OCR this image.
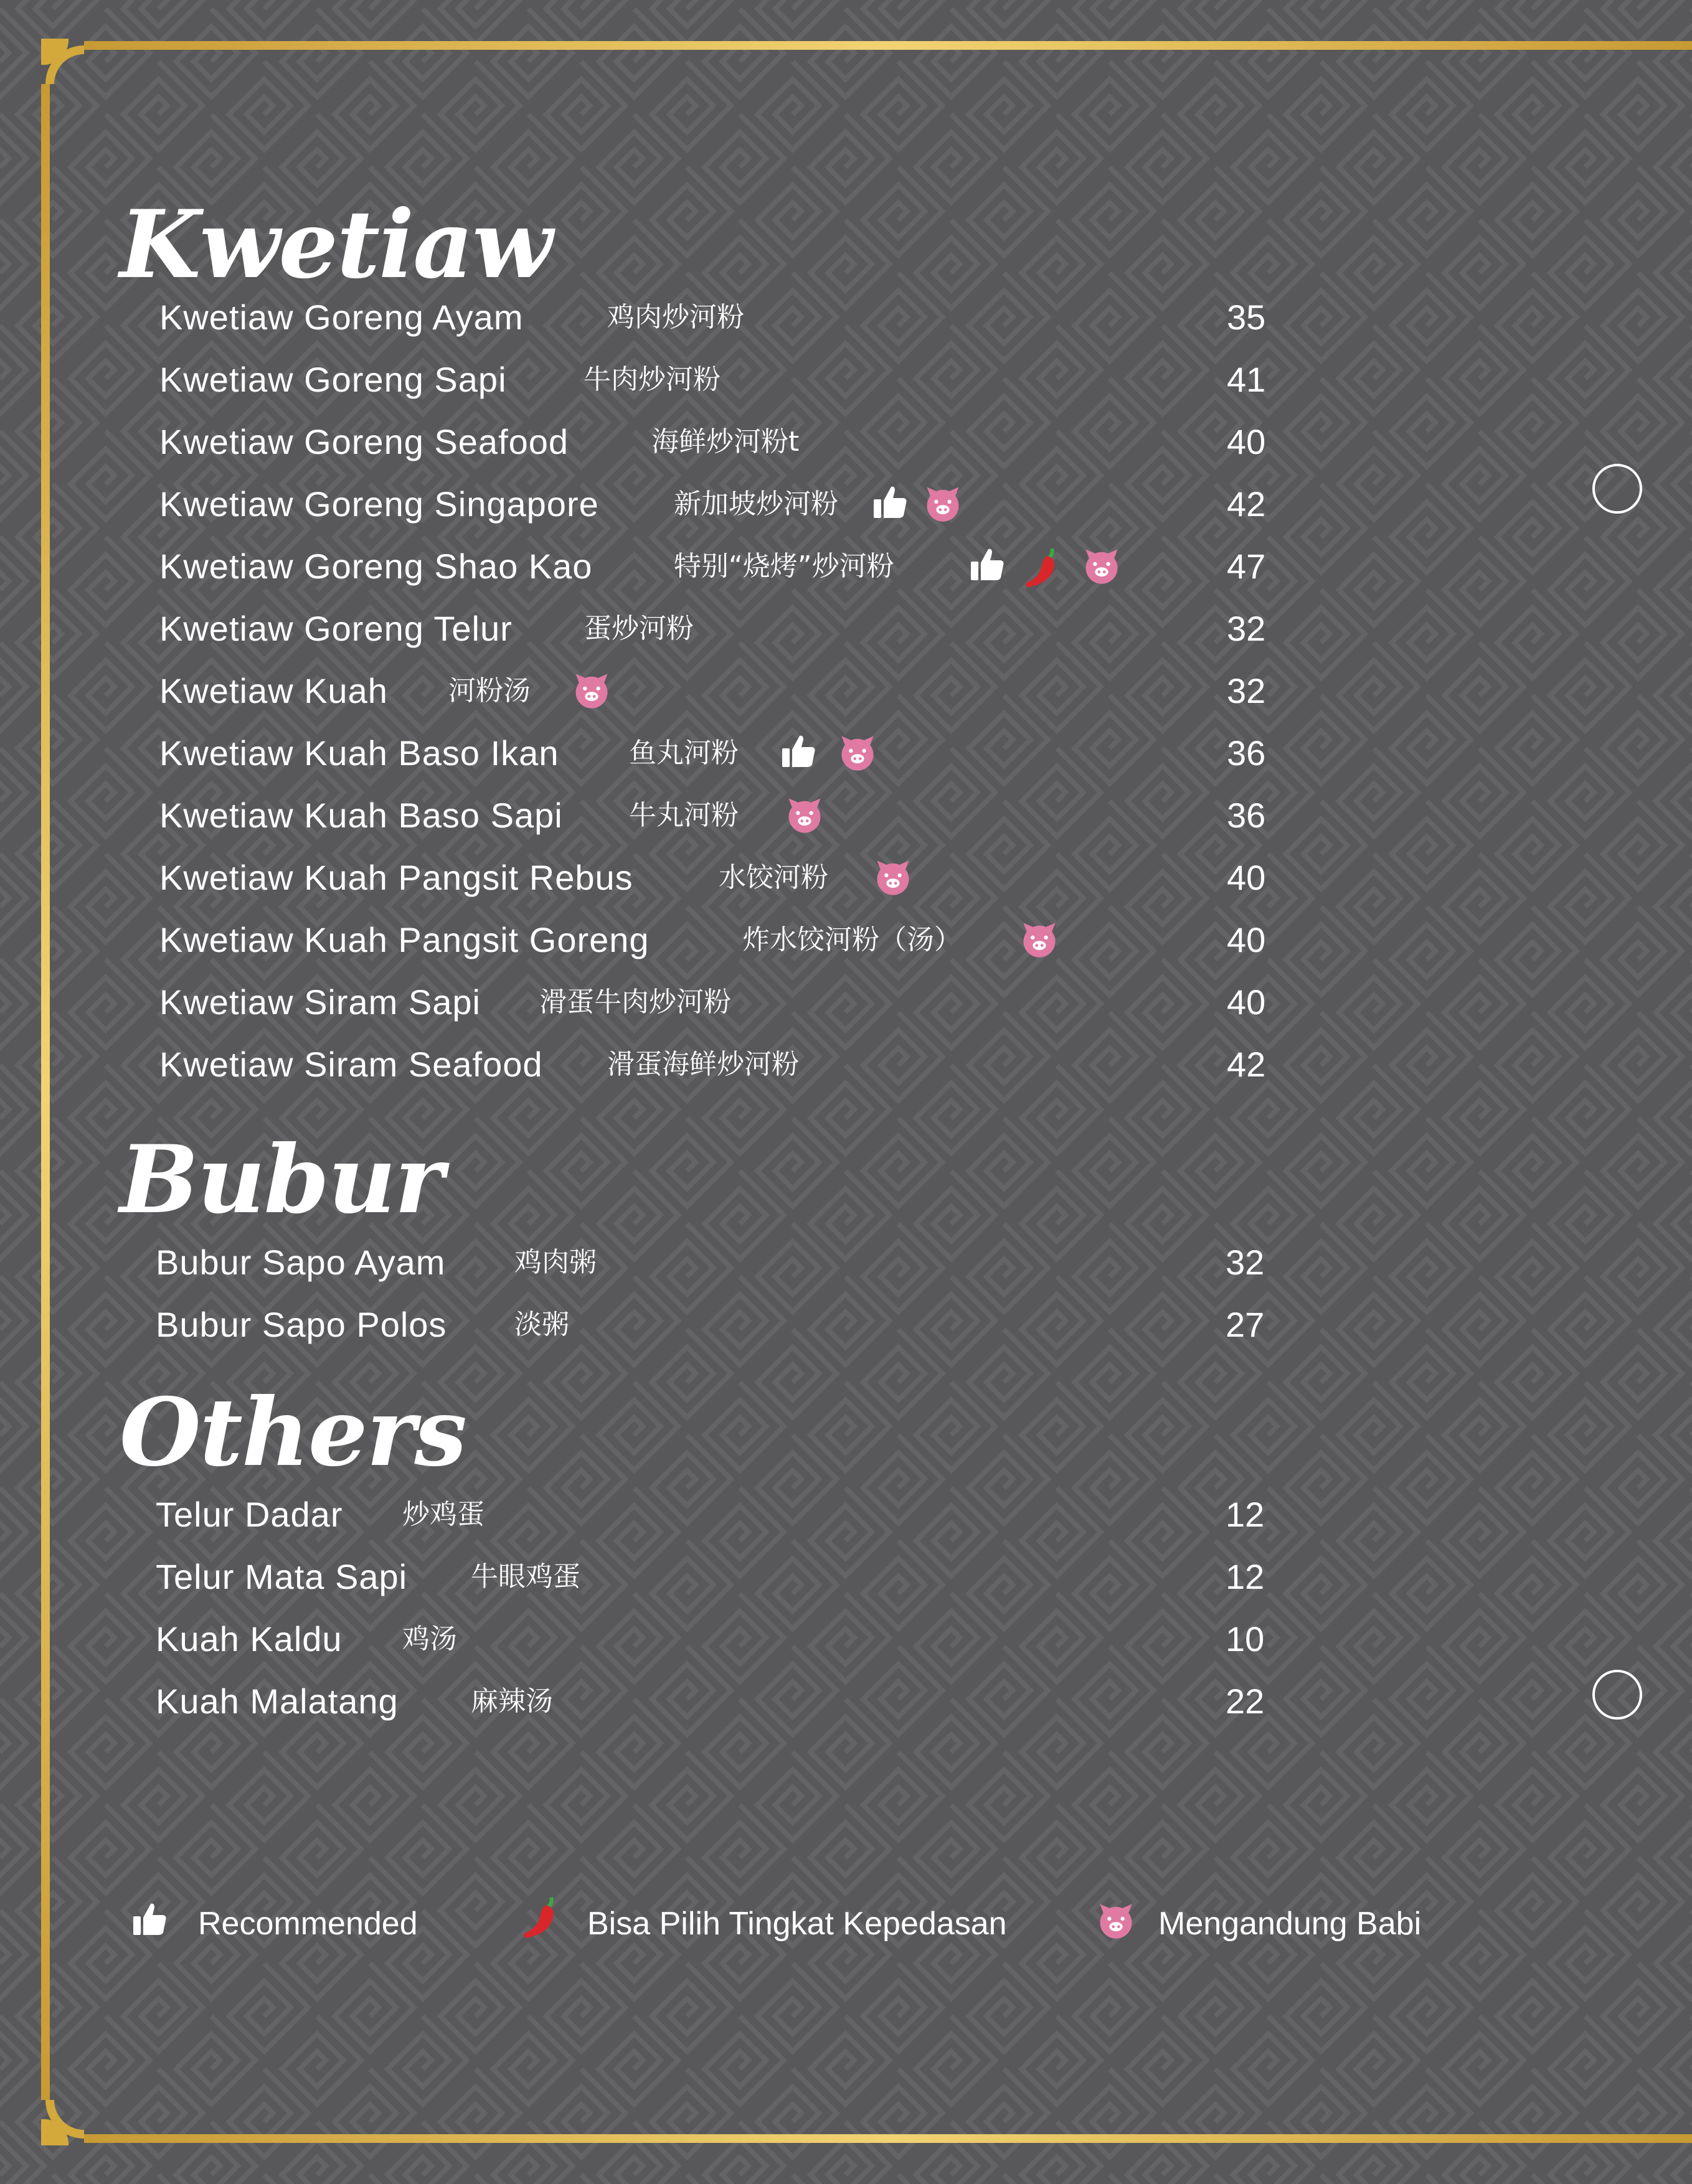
Kwetiaw
Kwetiaw Goreng Ayam	鸡肉炒河粉	35
Kwetiaw Goreng Sapi	牛肉炒河粉	41
Kwetiaw Goreng Seafood	海鲜炒河粉t	40
Kwetiaw Goreng Singapore	新加坡炒河粉	42
Kwetiaw Goreng Shao Kao	特别“烧烤”炒河粉	47
Kwetiaw Goreng Telur	蛋炒河粉	32
Kwetiaw Kuah 河粉汤	32
Kwetiaw Kuah Baso Ikan	鱼丸河粉	36
Kwetiaw Kuah Baso Sapi 牛丸河粉	36
Kwetiaw Kuah Pangsit Rebus	水饺河粉	40
Kwetiaw Kuah Pangsit Goreng	炸水饺河粉（汤）	40
Kwetiaw Siram Sapi 滑蛋牛肉炒河粉	40
Kwetiaw Siram Seafood 滑蛋海鲜炒河粉	42
Bubur
Bubur Sapo Ayam	鸡肉粥	32
Bubur Sapo Polos 淡粥	27
Others
Telur Dadar 炒鸡蛋	12
Telur Mata Sapi 牛眼鸡蛋	12
Kuah Kaldu 鸡汤	10
Kuah Malatang	麻辣汤	22
Recommended	Bisa Pilih Tingkat Kepedasan	Mengandung Babi
